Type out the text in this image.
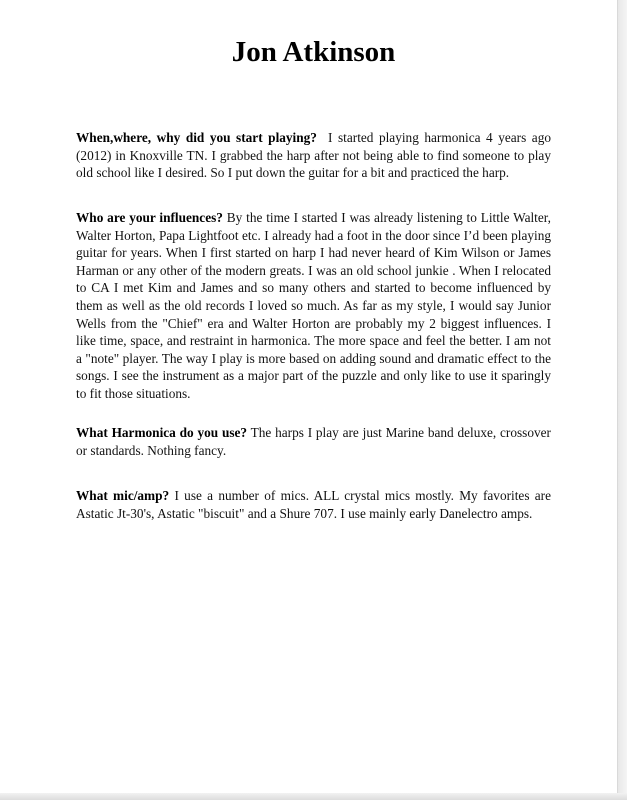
Jon Atkinson

When,where, why did you start playing? I started playing harmonica 4 years ago (2012) in Knoxville TN. I grabbed the harp after not being able to find someone to play old school like I desired. So I put down the guitar for a bit and practiced the harp.

Who are your influences? By the time I started I was already listening to Little Walter, Walter Horton, Papa Lightfoot etc. I already had a foot in the door since I’d been playing guitar for years. When I first started on harp I had never heard of Kim Wilson or James Harman or any other of the modern greats. I was an old school junkie . When I relocated to CA I met Kim and James and so many others and started to become influenced by them as well as the old records I loved so much. As far as my style, I would say Junior Wells from the "Chief" era and Walter Horton are probably my 2 biggest influences. I like time, space, and restraint in harmonica. The more space and feel the better. I am not a "note" player. The way I play is more based on adding sound and dramatic effect to the songs. I see the instrument as a major part of the puzzle and only like to use it sparingly to fit those situations.

What Harmonica do you use? The harps I play are just Marine band deluxe, crossover or standards. Nothing fancy.

What mic/amp? I use a number of mics. ALL crystal mics mostly. My favorites are Astatic Jt-30's, Astatic "biscuit" and a Shure 707. I use mainly early Danelectro amps.
